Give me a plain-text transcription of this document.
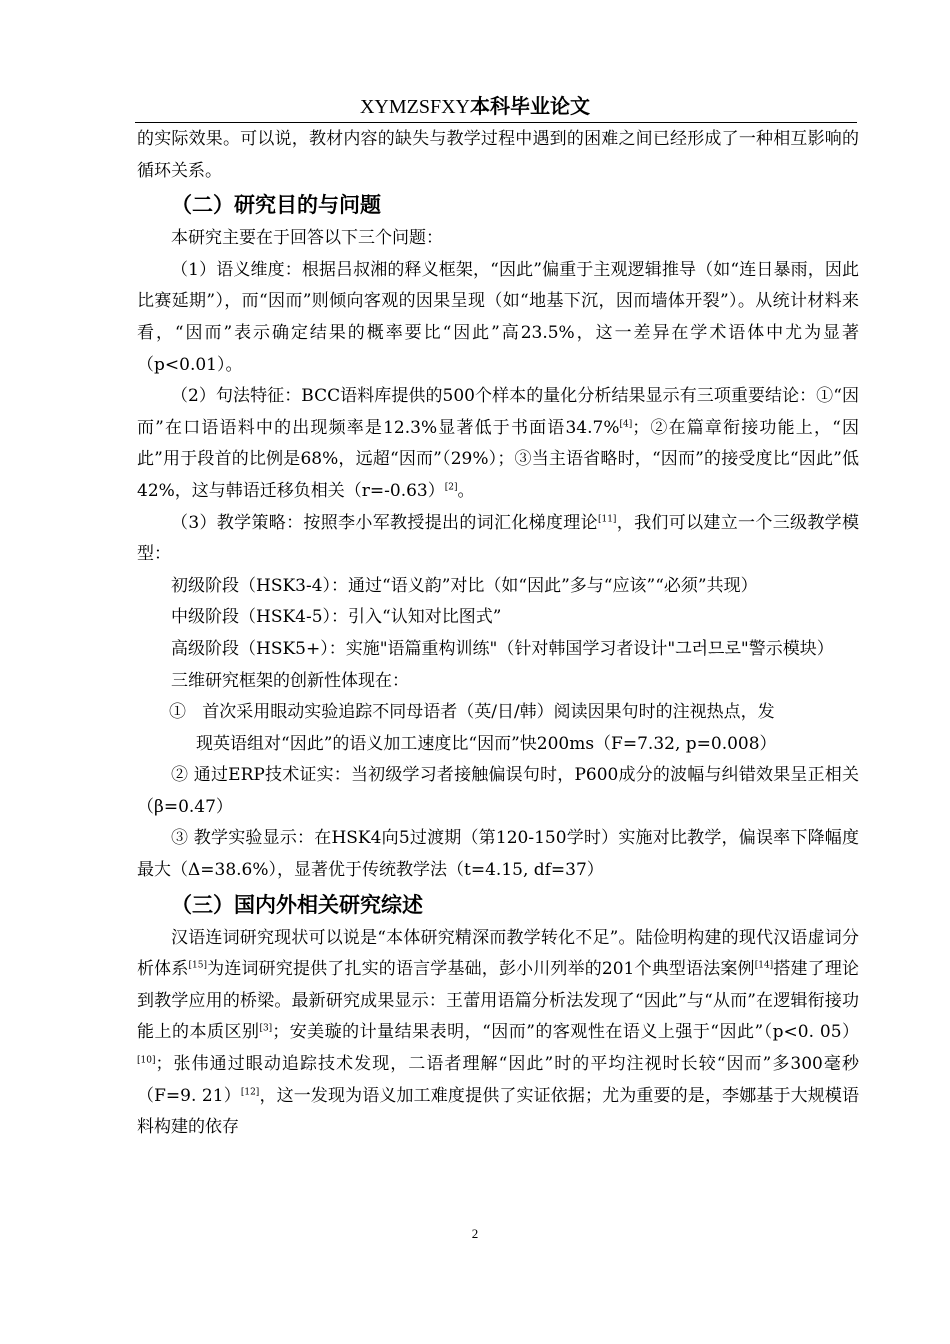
XYMZSFXY本科毕业论文

的实际效果。可以说，教材内容的缺失与教学过程中遇到的困难之间已经形成了一种相互影响的循环关系。

（二）研究目的与问题

本研究主要在于回答以下三个问题：

（1）语义维度：根据吕叔湘的释义框架，“因此”偏重于主观逻辑推导（如“连日暴雨，因此比赛延期”），而“因而”则倾向客观的因果呈现（如“地基下沉，因而墙体开裂”）。从统计材料来看，“因而”表示确定结果的概率要比“因此”高23.5%，这一差异在学术语体中尤为显著（p<0.01）。

（2）句法特征：BCC语料库提供的500个样本的量化分析结果显示有三项重要结论：①“因而”在口语语料中的出现频率是12.3%显著低于书面语34.7%[4]；②在篇章衔接功能上，“因此”用于段首的比例是68%，远超“因而”（29%）；③当主语省略时，“因而”的接受度比“因此”低42%，这与韩语迁移负相关（r=-0.63）[2]。

（3）教学策略：按照李小军教授提出的词汇化梯度理论[11]，我们可以建立一个三级教学模型：

初级阶段（HSK3-4）：通过“语义韵”对比（如“因此”多与“应该”“必须”共现）

中级阶段（HSK4-5）：引入“认知对比图式”

高级阶段（HSK5+）：实施"语篇重构训练"（针对韩国学习者设计"그러므로"警示模块）

三维研究框架的创新性体现在：

① 首次采用眼动实验追踪不同母语者（英/日/韩）阅读因果句时的注视热点，发
现英语组对“因此”的语义加工速度比“因而”快200ms（F=7.32, p=0.008）

② 通过ERP技术证实：当初级学习者接触偏误句时，P600成分的波幅与纠错效果呈正相关（β=0.47）

③ 教学实验显示：在HSK4向5过渡期（第120-150学时）实施对比教学，偏误率下降幅度最大（Δ=38.6%），显著优于传统教学法（t=4.15, df=37）

（三）国内外相关研究综述

汉语连词研究现状可以说是“本体研究精深而教学转化不足”。陆俭明构建的现代汉语虚词分析体系[15]为连词研究提供了扎实的语言学基础，彭小川列举的201个典型语法案例[14]搭建了理论到教学应用的桥梁。最新研究成果显示：王蕾用语篇分析法发现了“因此”与“从而”在逻辑衔接功能上的本质区别[3]；安美璇的计量结果表明，“因而”的客观性在语义上强于“因此”（p<0. 05）[10]；张伟通过眼动追踪技术发现，二语者理解“因此”时的平均注视时长较“因而”多300毫秒（F=9. 21）[12]，这一发现为语义加工难度提供了实证依据；尤为重要的是，李娜基于大规模语料构建的依存

2
